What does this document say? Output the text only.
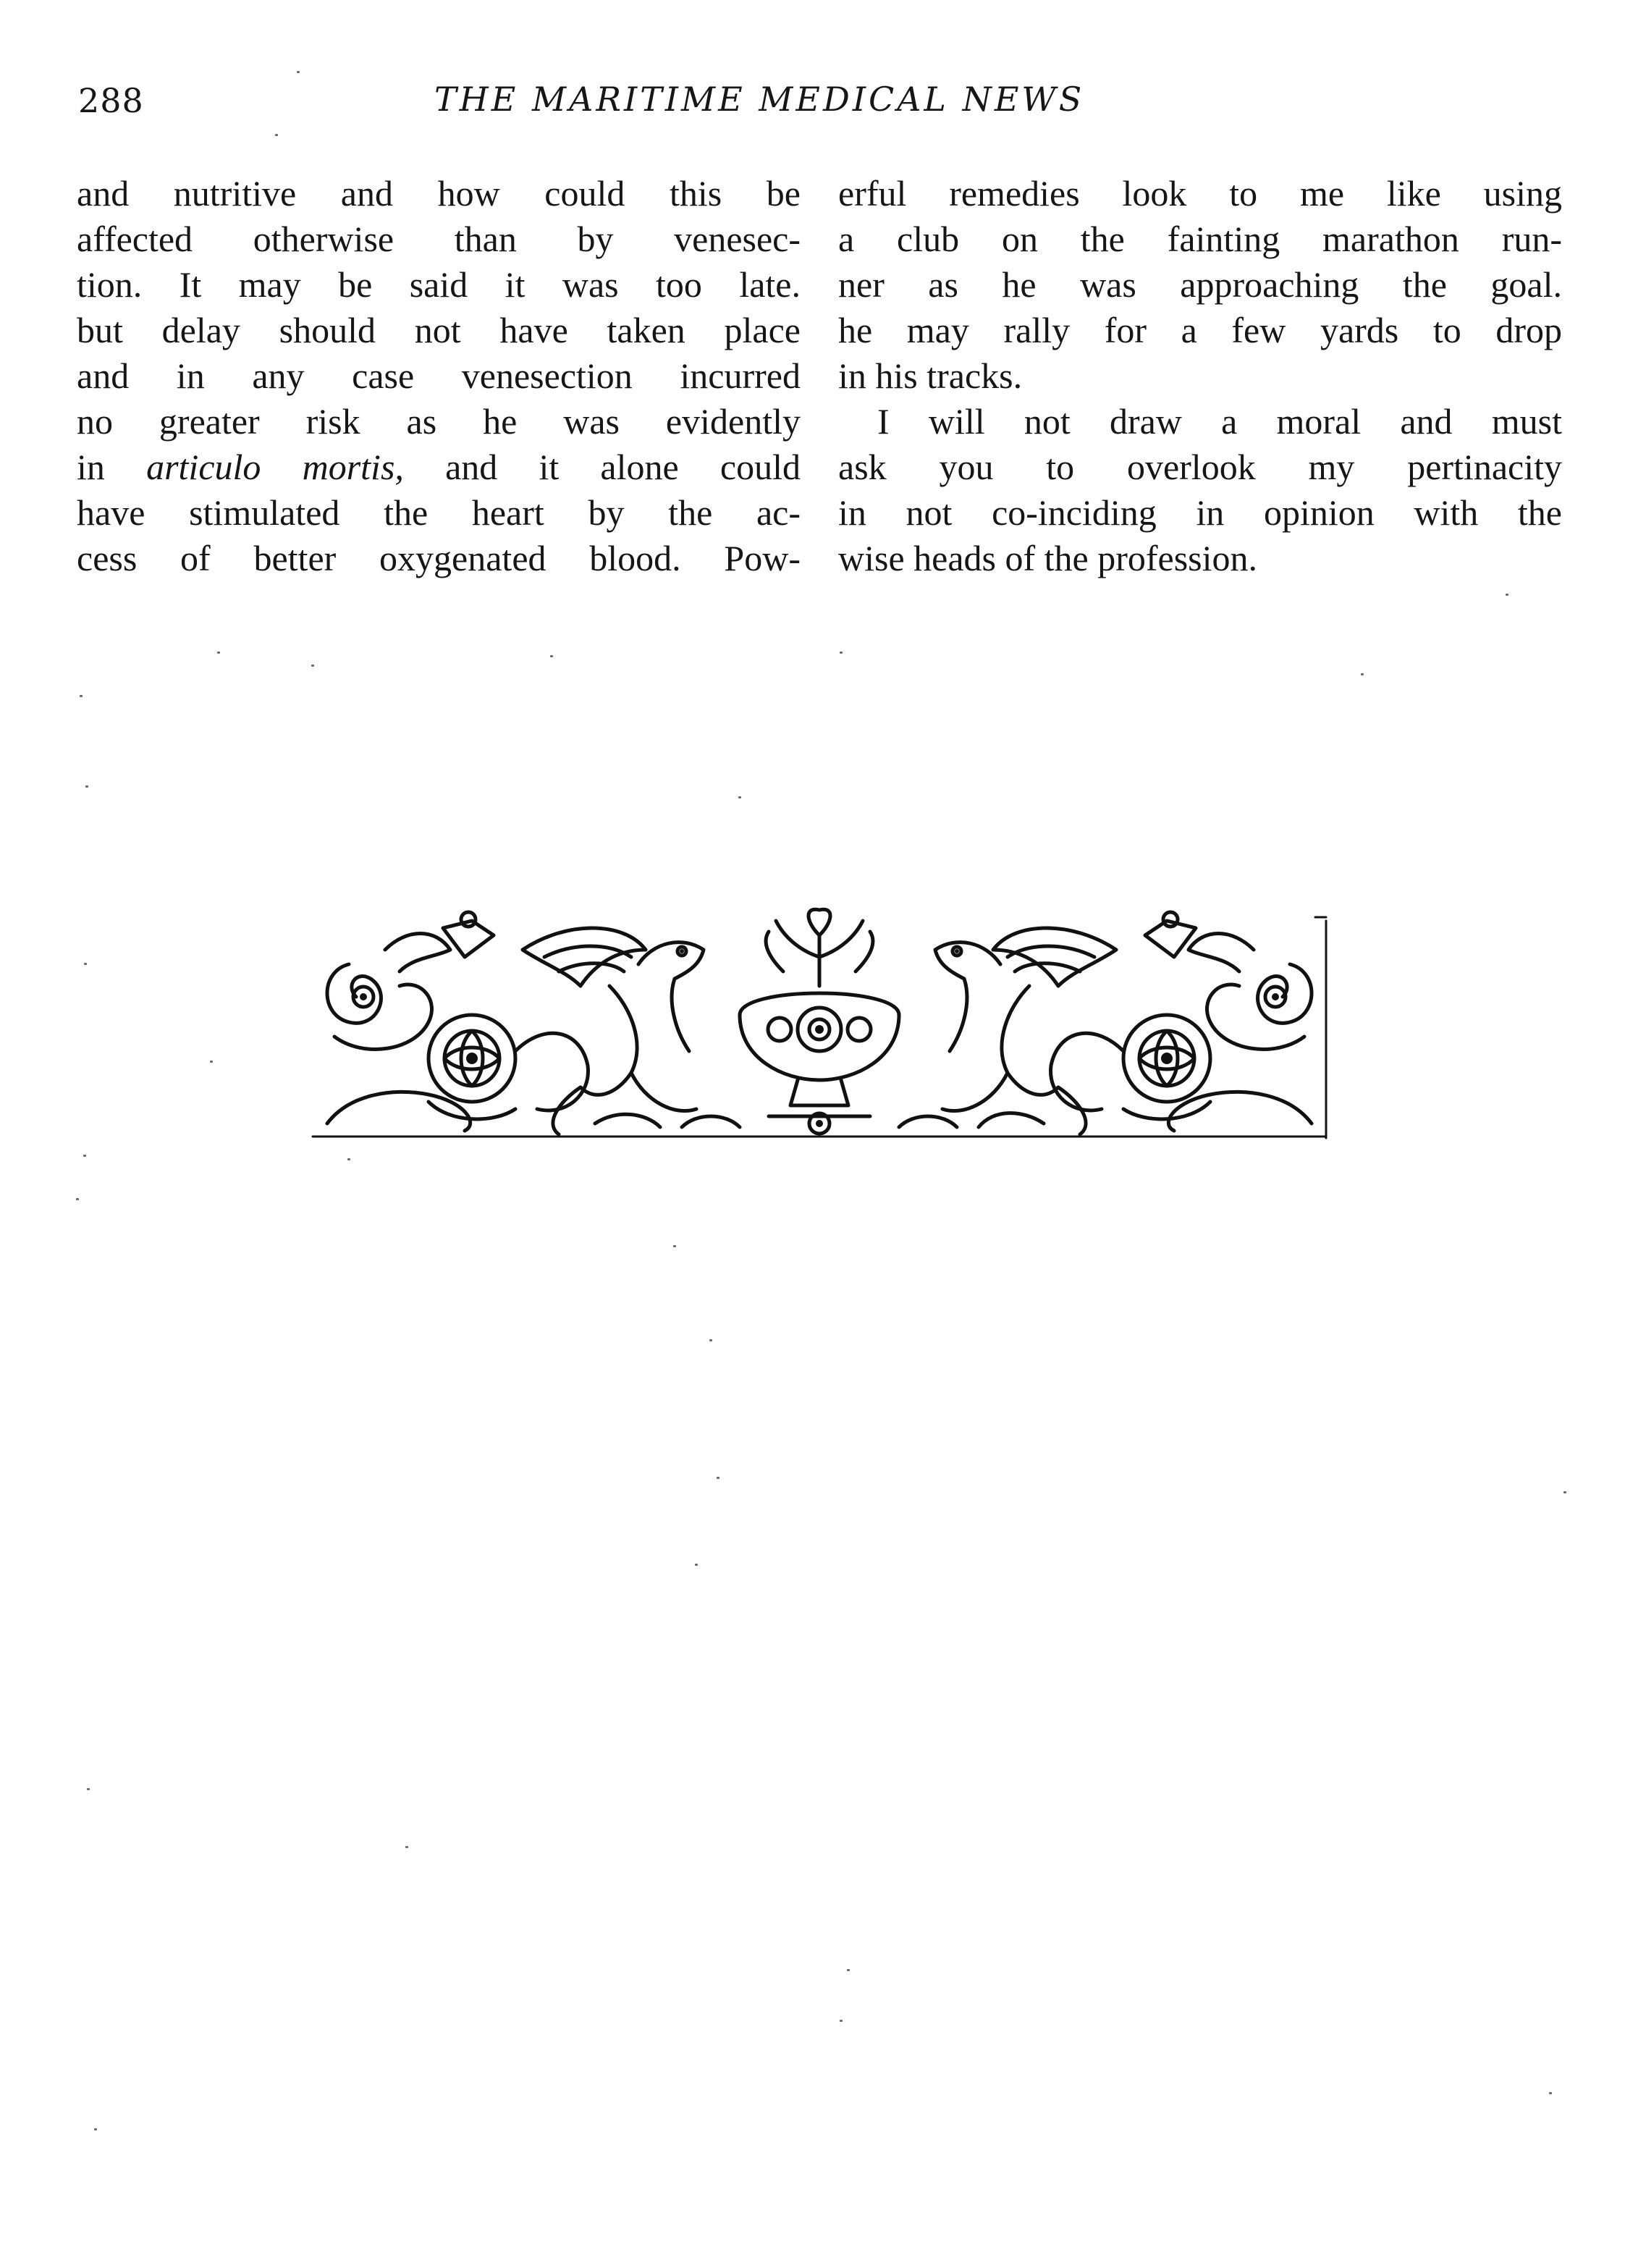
288	THE MARITIME MEDICAL NEWS
and nutritive and how could this be
affected otherwise than by venesec-
tion. It may be said it was too late.
but delay should not have taken place
and in any case venesection incurred
no greater risk as he was evidently
in articulo mortis, and it alone could
have stimulated the heart by the ac-
cess of better oxygenated blood. Pow-
erful remedies look to me like using
a club on the fainting marathon run-
ner as he was approaching the goal.
he may rally for a few yards to drop
in his tracks.
I will not draw a moral and must
ask you to overlook my pertinacity
in not co-inciding in opinion with the
wise heads of the profession.
